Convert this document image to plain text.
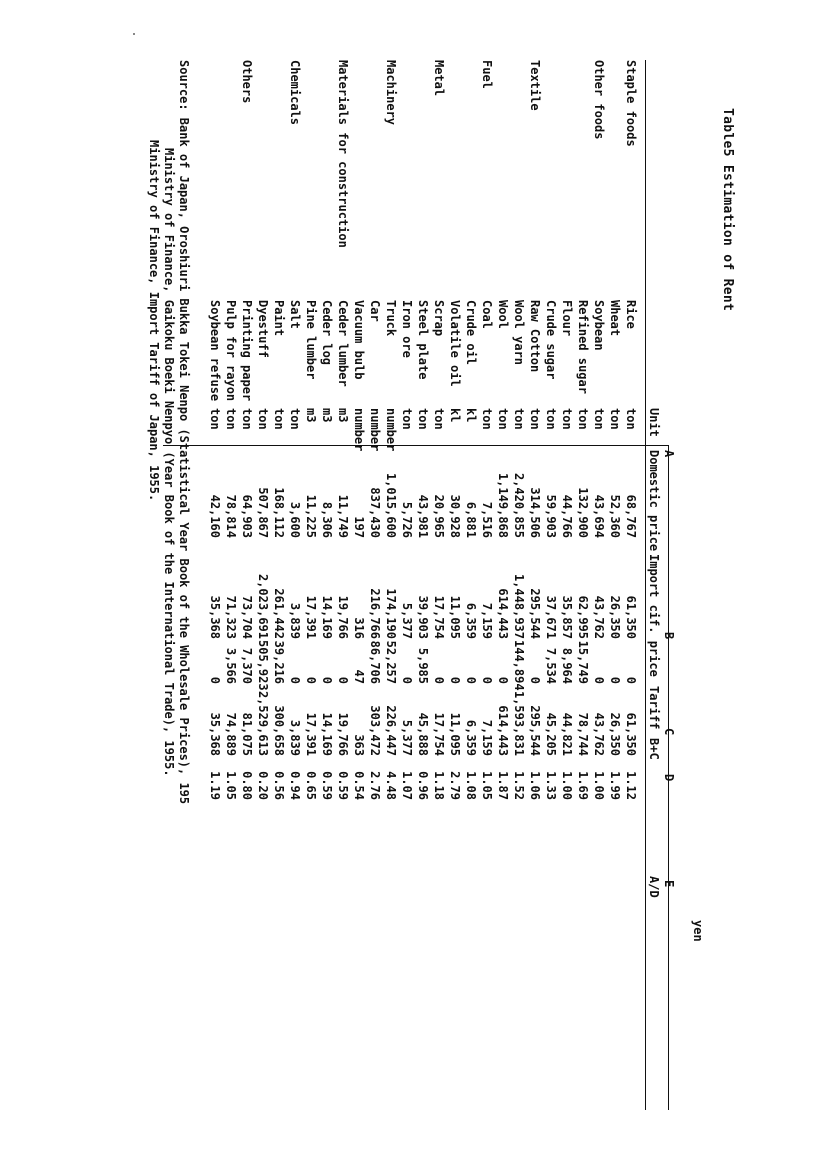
Table5 Estimation of Rent
yen
A
B
C
D
E
Unit
Domestic price
Import cif. price
Tariff
B+C
A/D
Staple foods
Rice
ton
68,767
61,350
0
61,350
1.12
Wheat
ton
52,360
26,350
0
26,350
1.99
Other foods
Soybean
ton
43,694
43,762
0
43,762
1.00
Refined sugar
ton
132,900
62,995
15,749
78,744
1.69
Flour
ton
44,766
35,857
8,964
44,821
1.00
Crude sugar
ton
59,903
37,671
7,534
45,205
1.33
Textile
Raw Cotton
ton
314,506
295,544
0
295,544
1.06
Wool yarn
ton
2,420,855
1,448,937
144,894
1,593,831
1.52
Wool
ton
1,149,868
614,443
0
614,443
1.87
Fuel
Coal
ton
7,516
7,159
0
7,159
1.05
Crude oil
kl
6,881
6,359
0
6,359
1.08
Volatile oil
kl
30,928
11,095
0
11,095
2.79
Metal
Scrap
ton
20,965
17,754
0
17,754
1.18
Steel plate
ton
43,981
39,903
5,985
45,888
0.96
Iron ore
ton
5,726
5,377
0
5,377
1.07
Machinery
Truck
number
1,015,600
174,190
52,257
226,447
4.48
Car
number
837,430
216,766
86,706
303,472
2.76
Vacuum bulb
number
197
316
47
363
0.54
Materials for construction
Ceder lumber
m3
11,749
19,766
0
19,766
0.59
Ceder log
m3
8,306
14,169
0
14,169
0.59
Pine lumber
m3
11,225
17,391
0
17,391
0.65
Chemicals
Salt
ton
3,600
3,839
0
3,839
0.94
Paint
ton
168,112
261,442
39,216
300,658
0.56
Dyestuff
ton
507,867
2,023,691
505,923
2,529,613
0.20
Others
Printing paper
ton
64,903
73,704
7,370
81,075
0.80
Pulp for rayon
ton
78,814
71,323
3,566
74,889
1.05
Soybean refuse
ton
42,160
35,368
0
35,368
1.19
Source: Bank of Japan, Oroshiuri Bukka Tokei Nenpo (Statistical Year Book of the Wholesale Prices), 195
Ministry of Finance, Gaikoku Boeki Nenpyo (Year Book of the International Trade), 1955.
Ministry of Finance, Import Tariff of Japan, 1955.
